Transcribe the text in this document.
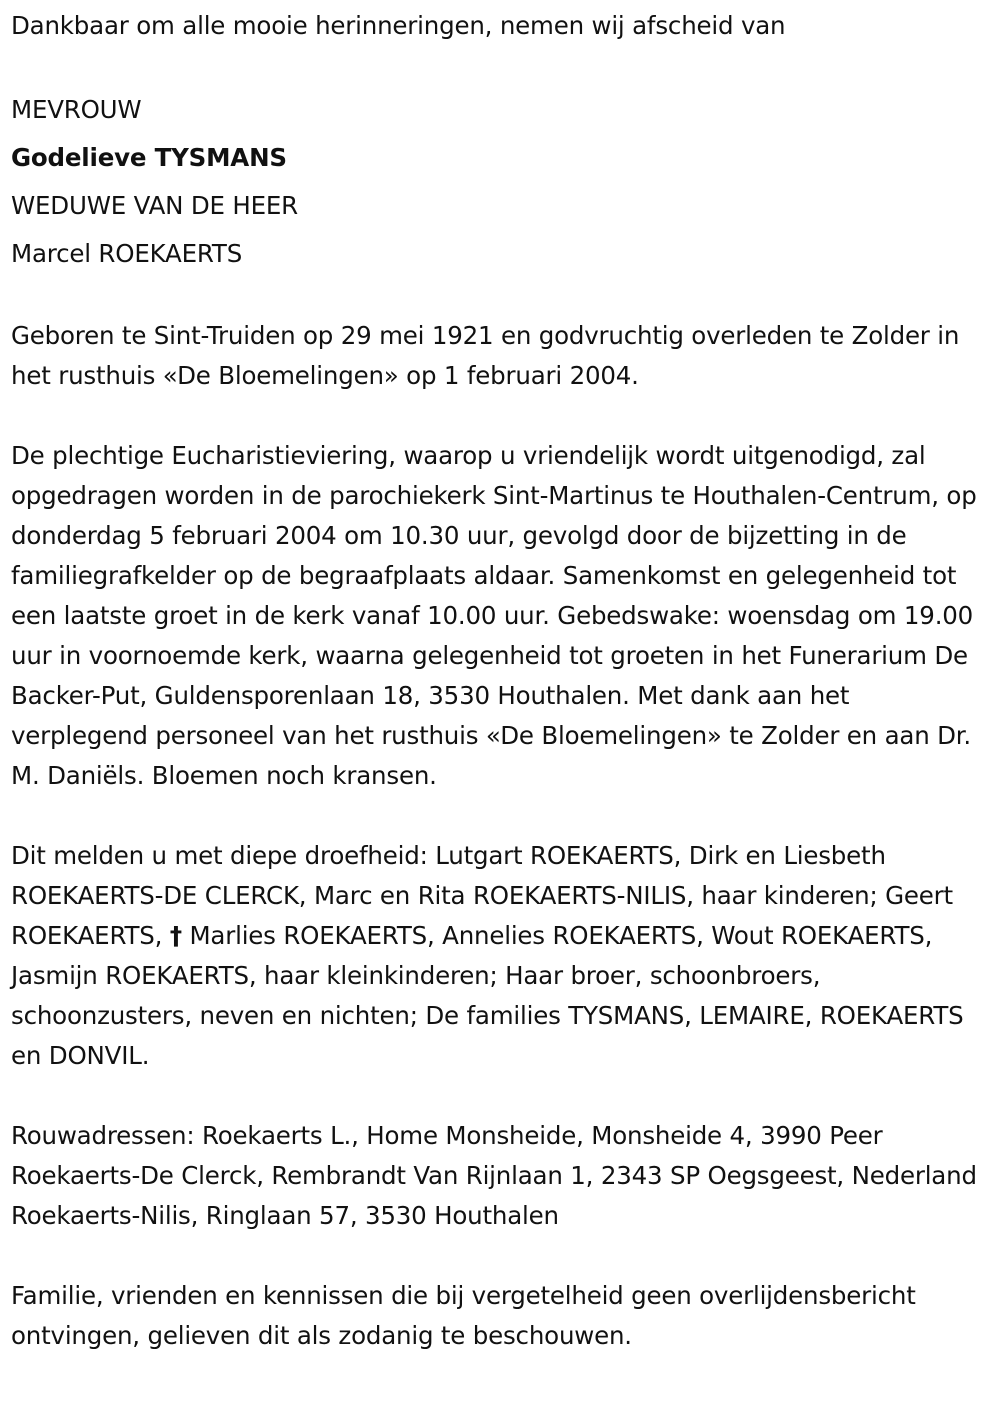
Dankbaar om alle mooie herinneringen, nemen wij afscheid van

MEVROUW
Godelieve TYSMANS
WEDUWE VAN DE HEER
Marcel ROEKAERTS

Geboren te Sint-Truiden op 29 mei 1921 en godvruchtig overleden te Zolder in het rusthuis «De Bloemelingen» op 1 februari 2004.

De plechtige Eucharistieviering, waarop u vriendelijk wordt uitgenodigd, zal opgedragen worden in de parochiekerk Sint-Martinus te Houthalen-Centrum, op donderdag 5 februari 2004 om 10.30 uur, gevolgd door de bijzetting in de familiegrafkelder op de begraafplaats aldaar. Samenkomst en gelegenheid tot een laatste groet in de kerk vanaf 10.00 uur. Gebedswake: woensdag om 19.00 uur in voornoemde kerk, waarna gelegenheid tot groeten in het Funerarium De Backer-Put, Guldensporenlaan 18, 3530 Houthalen. Met dank aan het verplegend personeel van het rusthuis «De Bloemelingen» te Zolder en aan Dr. M. Daniëls. Bloemen noch kransen.

Dit melden u met diepe droefheid: Lutgart ROEKAERTS, Dirk en Liesbeth ROEKAERTS-DE CLERCK, Marc en Rita ROEKAERTS-NILIS, haar kinderen; Geert ROEKAERTS, † Marlies ROEKAERTS, Annelies ROEKAERTS, Wout ROEKAERTS, Jasmijn ROEKAERTS, haar kleinkinderen; Haar broer, schoonbroers, schoonzusters, neven en nichten; De families TYSMANS, LEMAIRE, ROEKAERTS en DONVIL.

Rouwadressen: Roekaerts L., Home Monsheide, Monsheide 4, 3990 Peer Roekaerts-De Clerck, Rembrandt Van Rijnlaan 1, 2343 SP Oegsgeest, Nederland Roekaerts-Nilis, Ringlaan 57, 3530 Houthalen

Familie, vrienden en kennissen die bij vergetelheid geen overlijdensbericht ontvingen, gelieven dit als zodanig te beschouwen.
